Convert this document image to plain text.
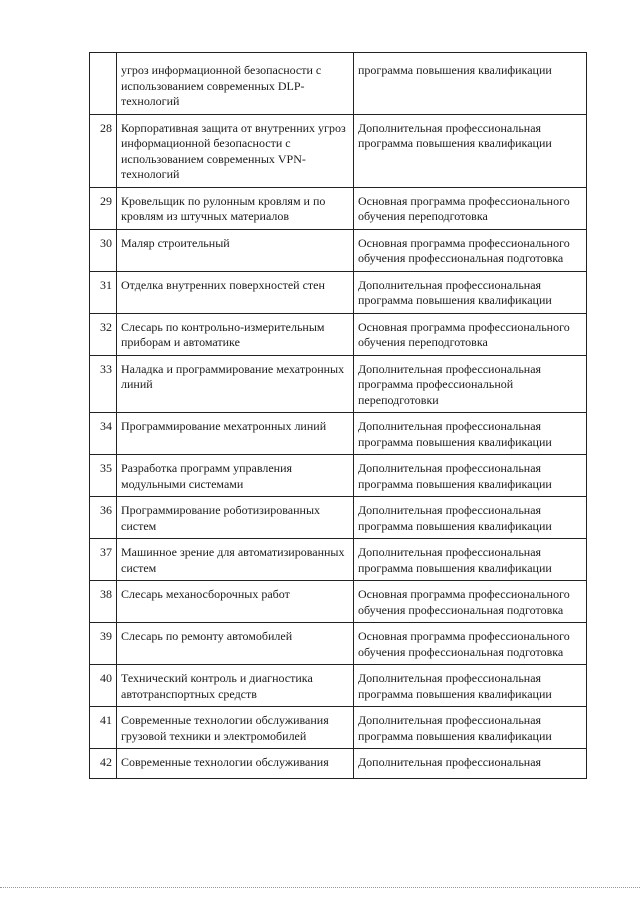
	угроз информационной безопасности с использованием современных DLP-технологий	программа повышения квалификации
28	Корпоративная защита от внутренних угроз информационной безопасности с использованием современных VPN-технологий	Дополнительная профессиональная программа повышения квалификации
29	Кровельщик по рулонным кровлям и по кровлям из штучных материалов	Основная программа профессионального обучения переподготовка
30	Маляр строительный	Основная программа профессионального обучения профессиональная подготовка
31	Отделка внутренних поверхностей стен	Дополнительная профессиональная программа повышения квалификации
32	Слесарь по контрольно-измерительным приборам и автоматике	Основная программа профессионального обучения переподготовка
33	Наладка и программирование мехатронных линий	Дополнительная профессиональная программа профессиональной переподготовки
34	Программирование мехатронных линий	Дополнительная профессиональная программа повышения квалификации
35	Разработка программ управления модульными системами	Дополнительная профессиональная программа повышения квалификации
36	Программирование роботизированных систем	Дополнительная профессиональная программа повышения квалификации
37	Машинное зрение для автоматизированных систем	Дополнительная профессиональная программа повышения квалификации
38	Слесарь механосборочных работ	Основная программа профессионального обучения профессиональная подготовка
39	Слесарь по ремонту автомобилей	Основная программа профессионального обучения профессиональная подготовка
40	Технический контроль и диагностика автотранспортных средств	Дополнительная профессиональная программа повышения квалификации
41	Современные технологии обслуживания грузовой техники и электромобилей	Дополнительная профессиональная программа повышения квалификации
42	Современные технологии обслуживания	Дополнительная профессиональная
